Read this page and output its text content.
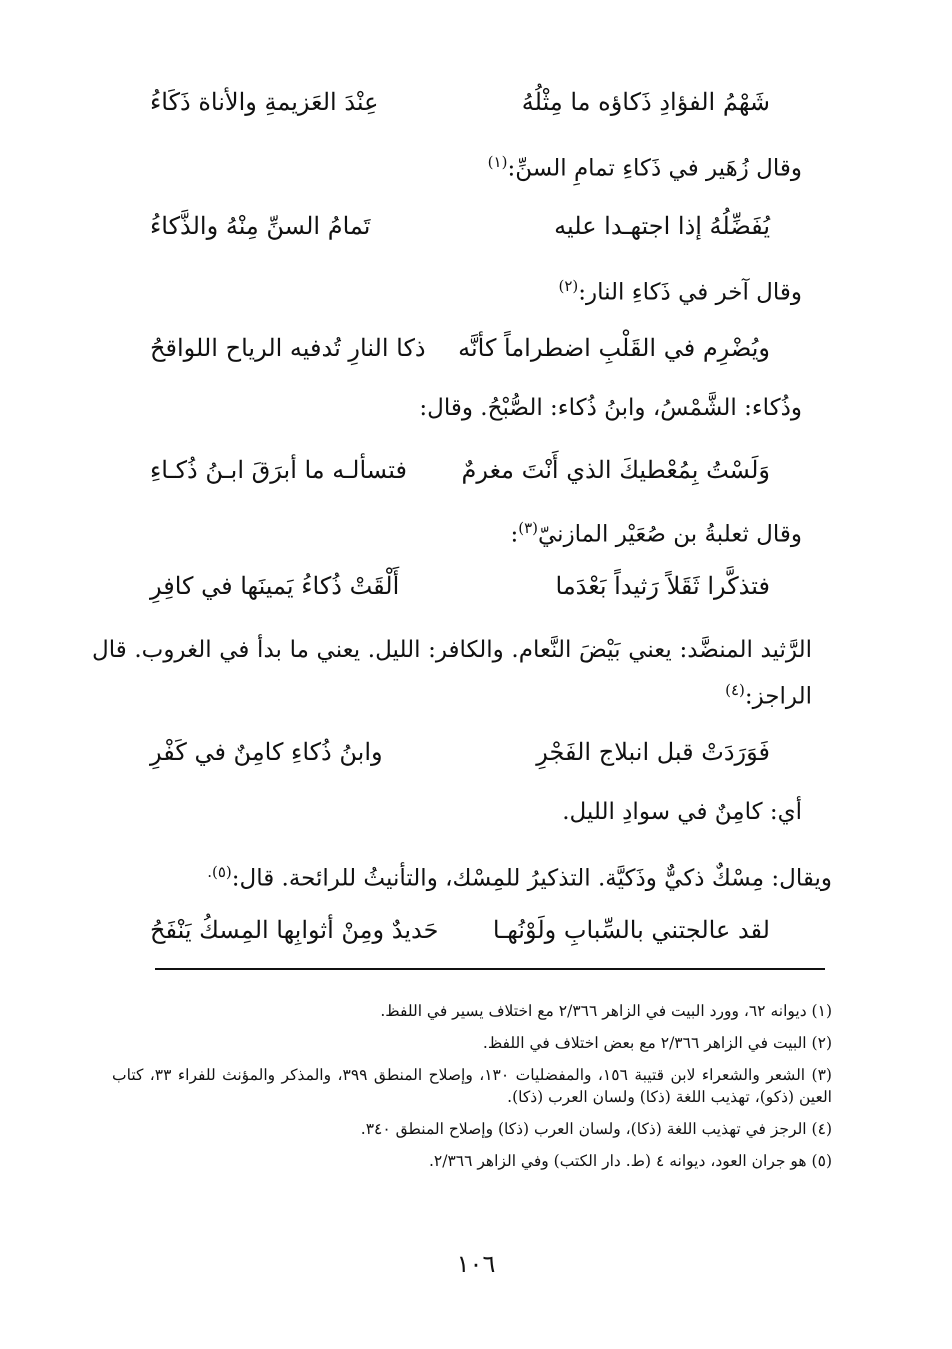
شَهْمُ الفؤادِ ذَكاؤه ما مِثْلُهُ
عِنْدَ العَزيمةِ والأناة ذَكَاءُ
وقال زُهَير في ذَكاءِ تمامِ السنِّ:$^{(١)}$
يُفَضِّلُهُ إذا اجتهـدا عليه
تَمامُ السنِّ مِنْهُ والذَّكاءُ
وقال آخر في ذَكاءِ النار:$^{(٢)}$
ويُضْرِم في القَلْبِ اضطراماً كأنَّه
ذكا النارِ تُدفيه الرياح اللواقحُ
وذُكاء: الشَّمْسُ، وابنُ ذُكاء: الصُّبْحُ. وقال:
وَلَسْتُ بِمُعْطيكَ الذي أَنْتَ مغرمٌ
فتسألـه ما أبرَقَ ابـنُ ذُكـاءِ
وقال ثعلبةُ بن صُعَيْر المازنيّ$^{(٣)}$:
فتذكَّرا ثَقَلاً رَثيداً بَعْدَما
أَلْقَتْ ذُكاءُ يَمينَها في كافِرِ
الرَّثيد المنضَّد: يعني بَيْضَ النَّعام. والكافر: الليل. يعني ما بدأ في الغروب. قال الراجز:$^{(٤)}$
فَوَرَدَتْ قبل انبلاج الفَجْرِ
وابنُ ذُكاءِ كامِنٌ في كَفْرِ
أي: كامِنٌ في سوادِ الليل.
ويقال: مِسْكٌ ذكيٌّ وذَكيَّة. التذكيرُ للمِسْك، والتأنيثُ للرائحة. قال:$^{(٥).}$
لقد عالجتني بالسِّبابِ ولَوْنُهـا
حَديدٌ ومِنْ أثوابِها المِسكُ يَنْفَحُ

(١) ديوانه ٦٢، وورد البيت في الزاهر ٢/٣٦٦ مع اختلاف يسير في اللفظ.

(٢) البيت في الزاهر ٢/٣٦٦ مع بعض اختلاف في اللفظ.

(٣) الشعر والشعراء لابن قتيبة ١٥٦، والمفضليات ١٣٠، وإصلاح المنطق ٣٩٩، والمذكر والمؤنث للفراء ٣٣، كتاب العين (ذكو)، تهذيب اللغة (ذكا) ولسان العرب (ذكا).

(٤) الرجز في تهذيب اللغة (ذكا)، ولسان العرب (ذكا) وإصلاح المنطق ٣٤٠.

(٥) هو جران العود، ديوانه ٤ (ط. دار الكتب) وفي الزاهر ٢/٣٦٦.

١٠٦
